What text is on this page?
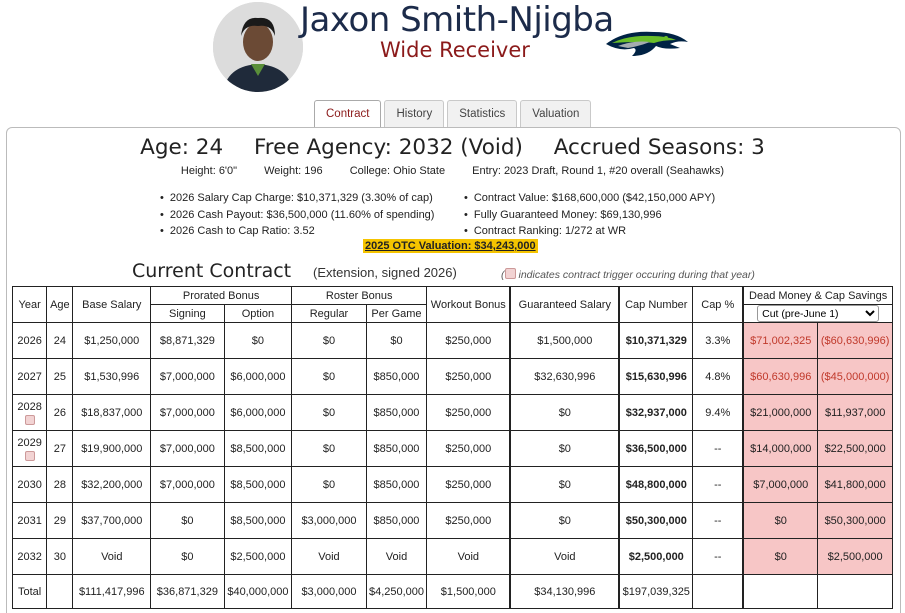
Jaxon Smith-Njigba
Wide Receiver
Contract	History	Statistics	Valuation
Age: 24 Free Agency: 2032 (Void) Accrued Seasons: 3
Height: 6'0" Weight: 196 College: Ohio State Entry: 2023 Draft, Round 1, #20 overall (Seahawks)
• 2026 Salary Cap Charge: $10,371,329 (3.30% of cap)
• 2026 Cash Payout: $36,500,000 (11.60% of spending)
• 2026 Cash to Cap Ratio: 3.52
• Contract Value: $168,600,000 ($42,150,000 APY)
• Fully Guaranteed Money: $69,130,996
• Contract Ranking: 1/272 at WR
2025 OTC Valuation: $34,243,000
Current Contract (Extension, signed 2026)	( indicates contract trigger occuring during that year)
Year	Age	Base Salary	Prorated Bonus		Roster Bonus		Workout Bonus	Guaranteed Salary	Cap Number	Cap %	Dead Money & Cap Savings	
			Signing	Option	Regular	Per Game	
Cut (pre-June 1)
2026	24	$1,250,000	$8,871,329	$0	$0	$0	$250,000	$1,500,000	$10,371,329	3.3%	$71,002,325	($60,630,996)
2027	25	$1,530,996	$7,000,000	$6,000,000	$0	$850,000	$250,000	$32,630,996	$15,630,996	4.8%	$60,630,996	($45,000,000)
2028	26	$18,837,000	$7,000,000	$6,000,000	$0	$850,000	$250,000	$0	$32,937,000	9.4%	$21,000,000	$11,937,000
2029	27	$19,900,000	$7,000,000	$8,500,000	$0	$850,000	$250,000	$0	$36,500,000	--	$14,000,000	$22,500,000
2030	28	$32,200,000	$7,000,000	$8,500,000	$0	$850,000	$250,000	$0	$48,800,000	--	$7,000,000	$41,800,000
2031	29	$37,700,000	$0	$8,500,000	$3,000,000	$850,000	$250,000	$0	$50,300,000	--	$0	$50,300,000
2032	30	Void	$0	$2,500,000	Void	Void	Void	Void	$2,500,000	--	$0	$2,500,000
Total		$111,417,996	$36,871,329	$40,000,000	$3,000,000	$4,250,000	$1,500,000	$34,130,996	$197,039,325			
